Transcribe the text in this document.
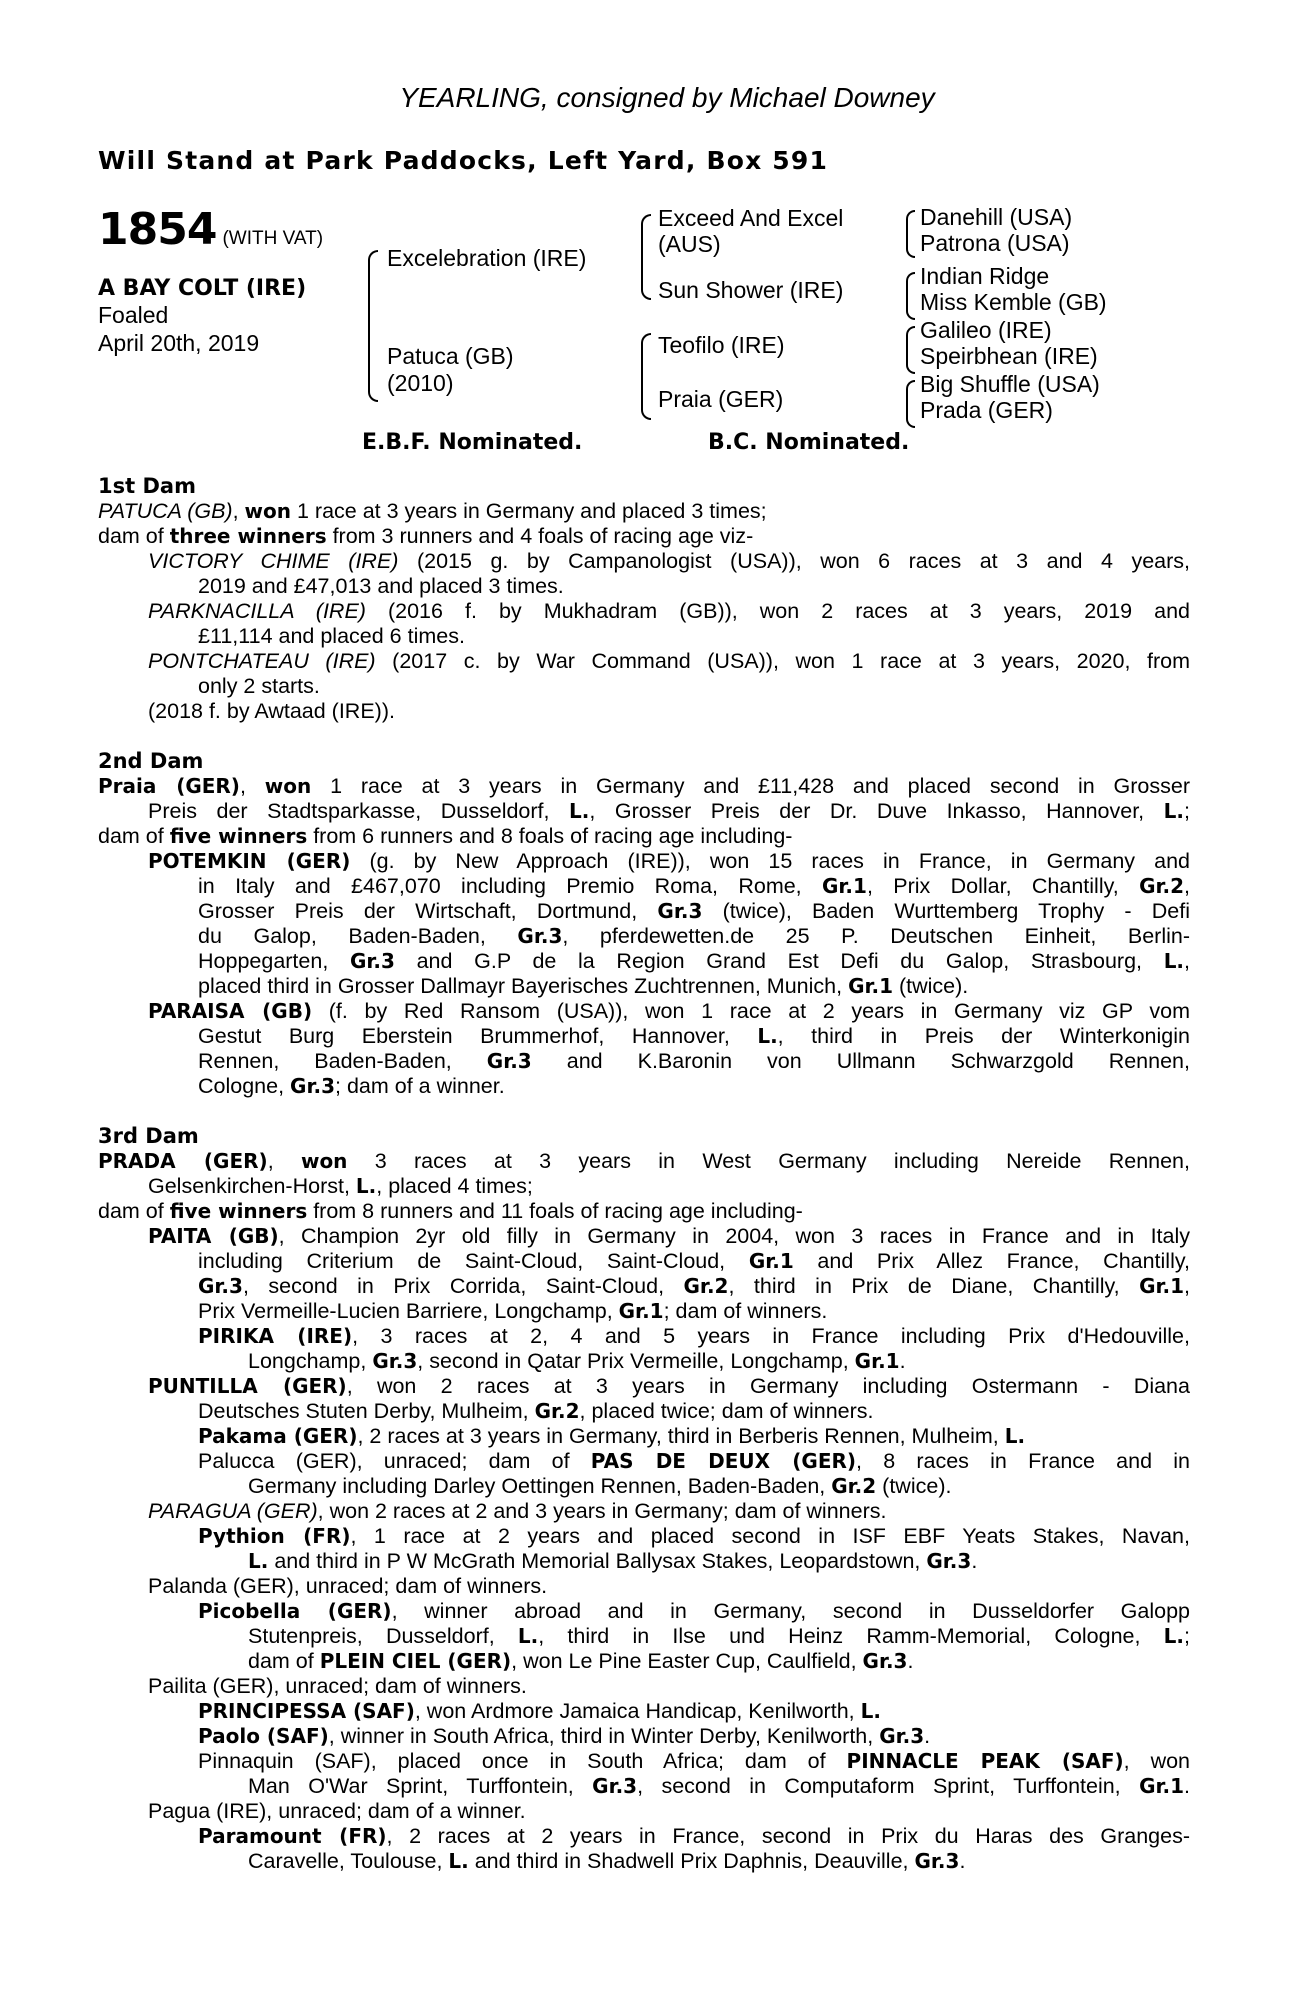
YEARLING, consigned by Michael Downey
Will Stand at Park Paddocks, Left Yard, Box 591
1854 (WITH VAT)
A BAY COLT (IRE)
Foaled
April 20th, 2019
Excelebration (IRE)
Patuca (GB)
(2010)
Exceed And Excel
(AUS)
Sun Shower (IRE)
Teofilo (IRE)
Praia (GER)
Danehill (USA)
Patrona (USA)
Indian Ridge
Miss Kemble (GB)
Galileo (IRE)
Speirbhean (IRE)
Big Shuffle (USA)
Prada (GER)
E.B.F. Nominated.	B.C. Nominated.
1st Dam
PATUCA (GB), won 1 race at 3 years in Germany and placed 3 times;
dam of three winners from 3 runners and 4 foals of racing age viz-
VICTORY CHIME (IRE) (2015 g. by Campanologist (USA)), won 6 races at 3 and 4 years,
2019 and £47,013 and placed 3 times.
PARKNACILLA (IRE) (2016 f. by Mukhadram (GB)), won 2 races at 3 years, 2019 and
£11,114 and placed 6 times.
PONTCHATEAU (IRE) (2017 c. by War Command (USA)), won 1 race at 3 years, 2020, from
only 2 starts.
(2018 f. by Awtaad (IRE)).
2nd Dam
Praia (GER), won 1 race at 3 years in Germany and £11,428 and placed second in Grosser
Preis der Stadtsparkasse, Dusseldorf, L., Grosser Preis der Dr. Duve Inkasso, Hannover, L.;
dam of five winners from 6 runners and 8 foals of racing age including-
POTEMKIN (GER) (g. by New Approach (IRE)), won 15 races in France, in Germany and
in Italy and £467,070 including Premio Roma, Rome, Gr.1, Prix Dollar, Chantilly, Gr.2,
Grosser Preis der Wirtschaft, Dortmund, Gr.3 (twice), Baden Wurttemberg Trophy - Defi
du Galop, Baden-Baden, Gr.3, pferdewetten.de 25 P. Deutschen Einheit, Berlin-
Hoppegarten, Gr.3 and G.P de la Region Grand Est Defi du Galop, Strasbourg, L.,
placed third in Grosser Dallmayr Bayerisches Zuchtrennen, Munich, Gr.1 (twice).
PARAISA (GB) (f. by Red Ransom (USA)), won 1 race at 2 years in Germany viz GP vom
Gestut Burg Eberstein Brummerhof, Hannover, L., third in Preis der Winterkonigin
Rennen, Baden-Baden, Gr.3 and K.Baronin von Ullmann Schwarzgold Rennen,
Cologne, Gr.3; dam of a winner.
3rd Dam
PRADA (GER), won 3 races at 3 years in West Germany including Nereide Rennen,
Gelsenkirchen-Horst, L., placed 4 times;
dam of five winners from 8 runners and 11 foals of racing age including-
PAITA (GB), Champion 2yr old filly in Germany in 2004, won 3 races in France and in Italy
including Criterium de Saint-Cloud, Saint-Cloud, Gr.1 and Prix Allez France, Chantilly,
Gr.3, second in Prix Corrida, Saint-Cloud, Gr.2, third in Prix de Diane, Chantilly, Gr.1,
Prix Vermeille-Lucien Barriere, Longchamp, Gr.1; dam of winners.
PIRIKA (IRE), 3 races at 2, 4 and 5 years in France including Prix d'Hedouville,
Longchamp, Gr.3, second in Qatar Prix Vermeille, Longchamp, Gr.1.
PUNTILLA (GER), won 2 races at 3 years in Germany including Ostermann - Diana
Deutsches Stuten Derby, Mulheim, Gr.2, placed twice; dam of winners.
Pakama (GER), 2 races at 3 years in Germany, third in Berberis Rennen, Mulheim, L.
Palucca (GER), unraced; dam of PAS DE DEUX (GER), 8 races in France and in
Germany including Darley Oettingen Rennen, Baden-Baden, Gr.2 (twice).
PARAGUA (GER), won 2 races at 2 and 3 years in Germany; dam of winners.
Pythion (FR), 1 race at 2 years and placed second in ISF EBF Yeats Stakes, Navan,
L. and third in P W McGrath Memorial Ballysax Stakes, Leopardstown, Gr.3.
Palanda (GER), unraced; dam of winners.
Picobella (GER), winner abroad and in Germany, second in Dusseldorfer Galopp
Stutenpreis, Dusseldorf, L., third in Ilse und Heinz Ramm-Memorial, Cologne, L.;
dam of PLEIN CIEL (GER), won Le Pine Easter Cup, Caulfield, Gr.3.
Pailita (GER), unraced; dam of winners.
PRINCIPESSA (SAF), won Ardmore Jamaica Handicap, Kenilworth, L.
Paolo (SAF), winner in South Africa, third in Winter Derby, Kenilworth, Gr.3.
Pinnaquin (SAF), placed once in South Africa; dam of PINNACLE PEAK (SAF), won
Man O'War Sprint, Turffontein, Gr.3, second in Computaform Sprint, Turffontein, Gr.1.
Pagua (IRE), unraced; dam of a winner.
Paramount (FR), 2 races at 2 years in France, second in Prix du Haras des Granges-
Caravelle, Toulouse, L. and third in Shadwell Prix Daphnis, Deauville, Gr.3.
